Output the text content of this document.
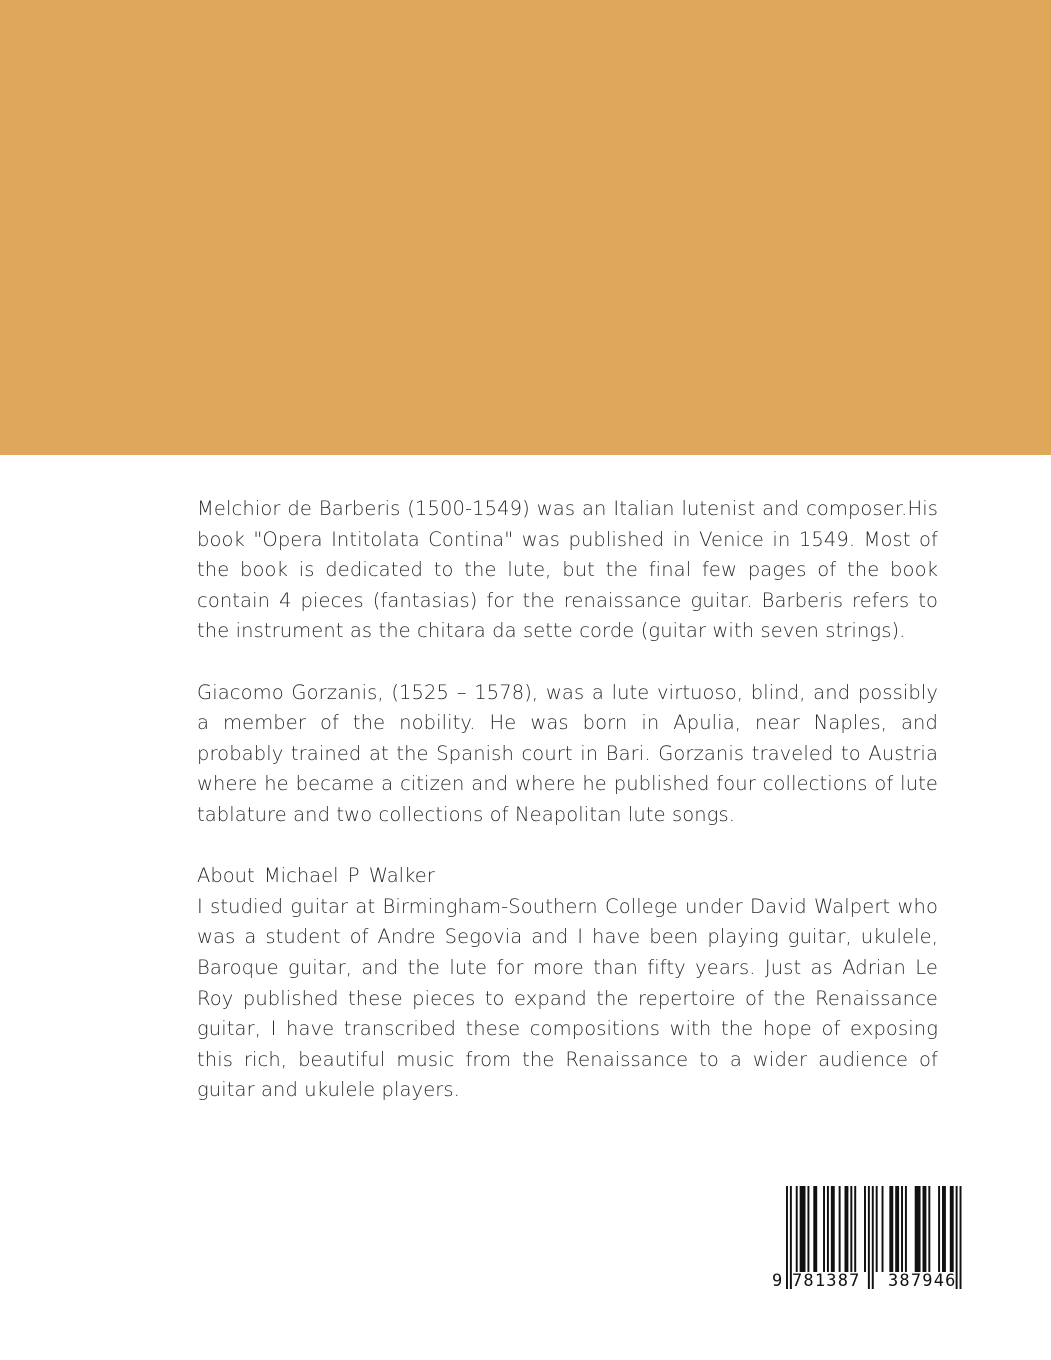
Melchior de Barberis (1500-1549) was an Italian lutenist and composer.His book "Opera Intitolata Contina" was published in Venice in 1549. Most of the book is dedicated to the lute, but the final few pages of the book contain 4 pieces (fantasias) for the renaissance guitar. Barberis refers to the instrument as the chitara da sette corde (guitar with seven strings).

Giacomo Gorzanis, (1525 – 1578), was a lute virtuoso, blind, and possibly a member of the nobility. He was born in Apulia, near Naples, and probably trained at the Spanish court in Bari. Gorzanis traveled to Austria where he became a citizen and where he published four collections of lute tablature and two collections of Neapolitan lute songs.

About Michael P Walker

I studied guitar at Birmingham-Southern College under David Walpert who was a student of Andre Segovia and I have been playing guitar, ukulele, Baroque guitar, and the lute for more than fifty years. Just as Adrian Le Roy published these pieces to expand the repertoire of the Renaissance guitar, I have transcribed these compositions with the hope of exposing this rich, beautiful music from the Renaissance to a wider audience of guitar and ukulele players.

9 781387 387946
